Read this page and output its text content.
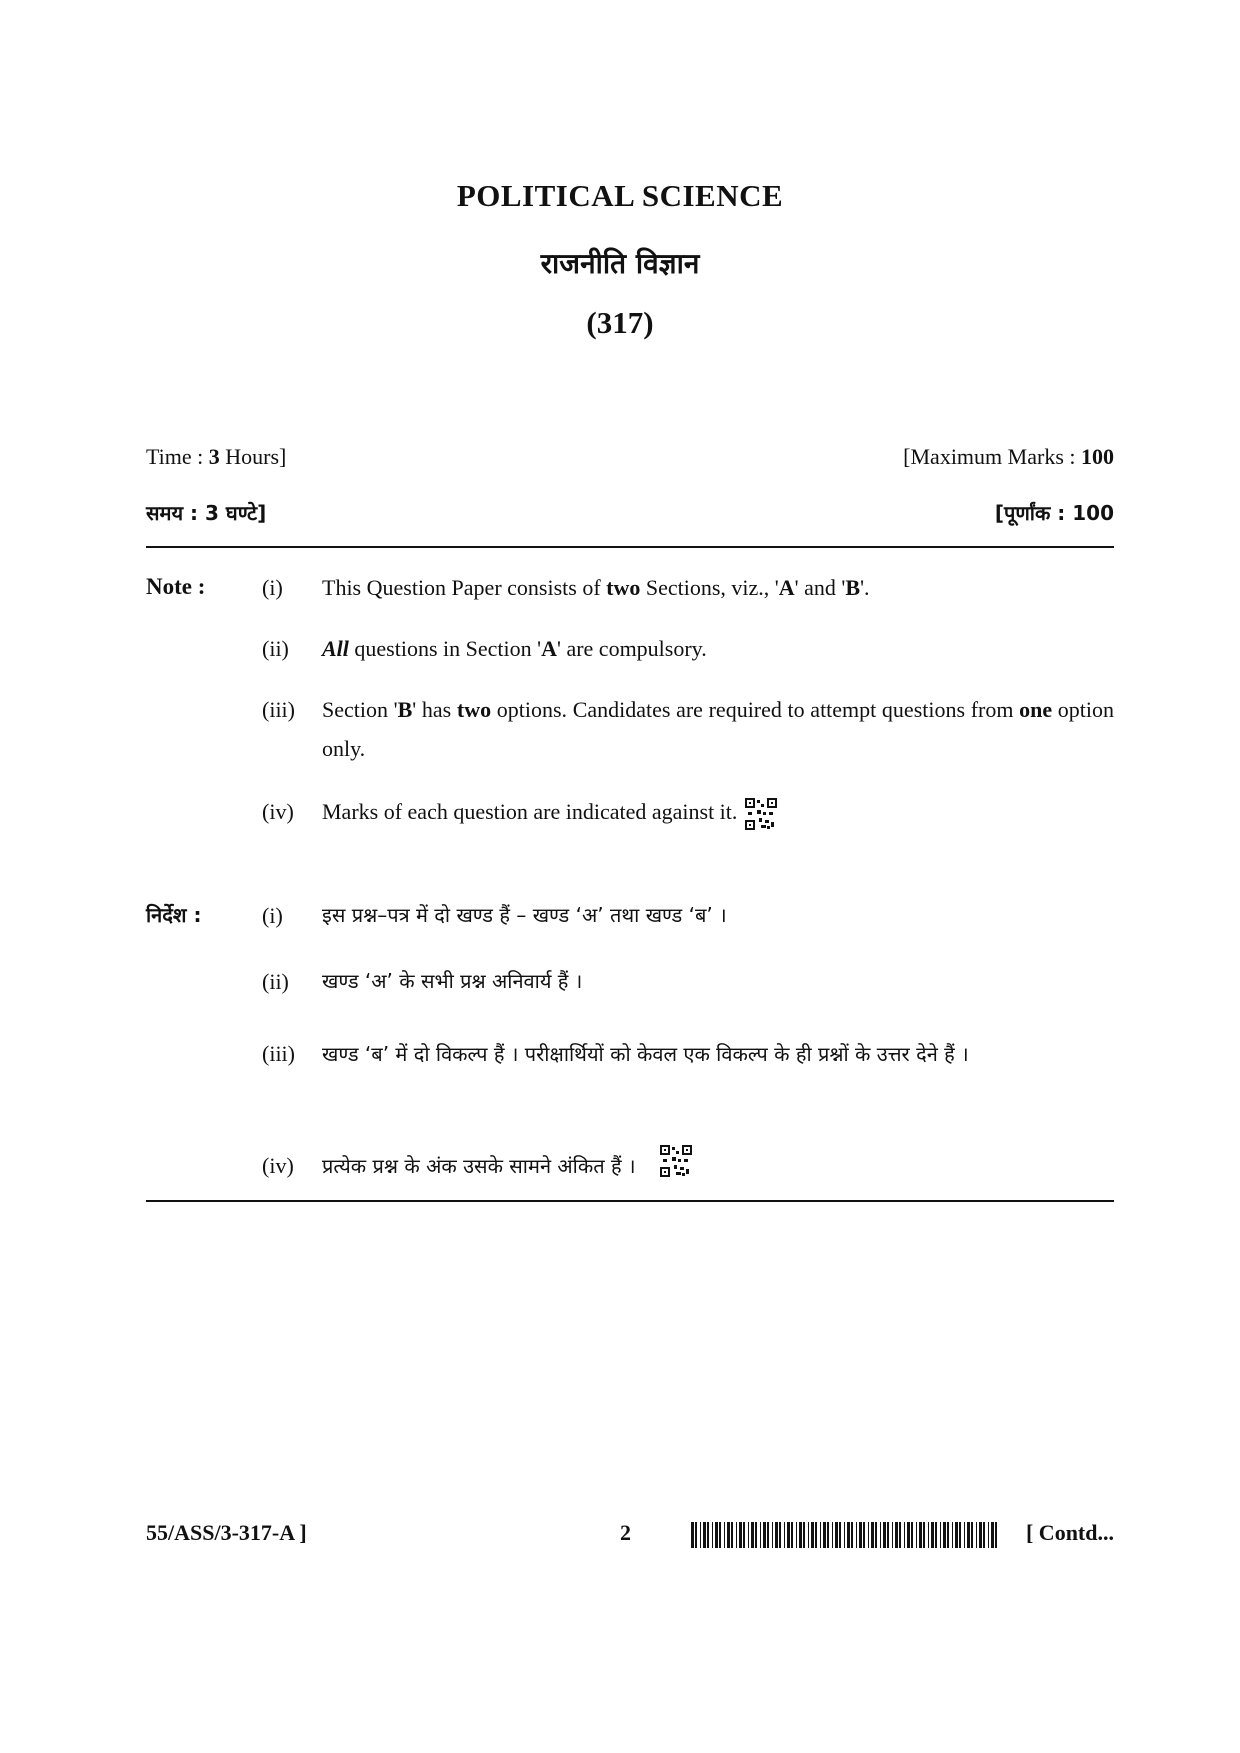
POLITICAL SCIENCE
राजनीति विज्ञान
(317)
Time : 3 Hours]	[Maximum Marks : 100
समय : 3 घण्टे]	[पूर्णांक : 100
Note :	(i) This Question Paper consists of two Sections, viz., 'A' and 'B'.
(ii) All questions in Section 'A' are compulsory.
(iii) Section 'B' has two options. Candidates are required to attempt questions from one option only.
(iv) Marks of each question are indicated against it.
निर्देश :	(i) इस प्रश्न–पत्र में दो खण्ड हैं – खण्ड ‘अ’ तथा खण्ड ‘ब’ ।
(ii) खण्ड ‘अ’ के सभी प्रश्न अनिवार्य हैं ।
(iii) खण्ड ‘ब’ में दो विकल्प हैं । परीक्षार्थियों को केवल एक विकल्प के ही प्रश्नों के उत्तर देने हैं ।
(iv) प्रत्येक प्रश्न के अंक उसके सामने अंकित हैं ।
55/ASS/3-317-A ]	2	[ Contd...
